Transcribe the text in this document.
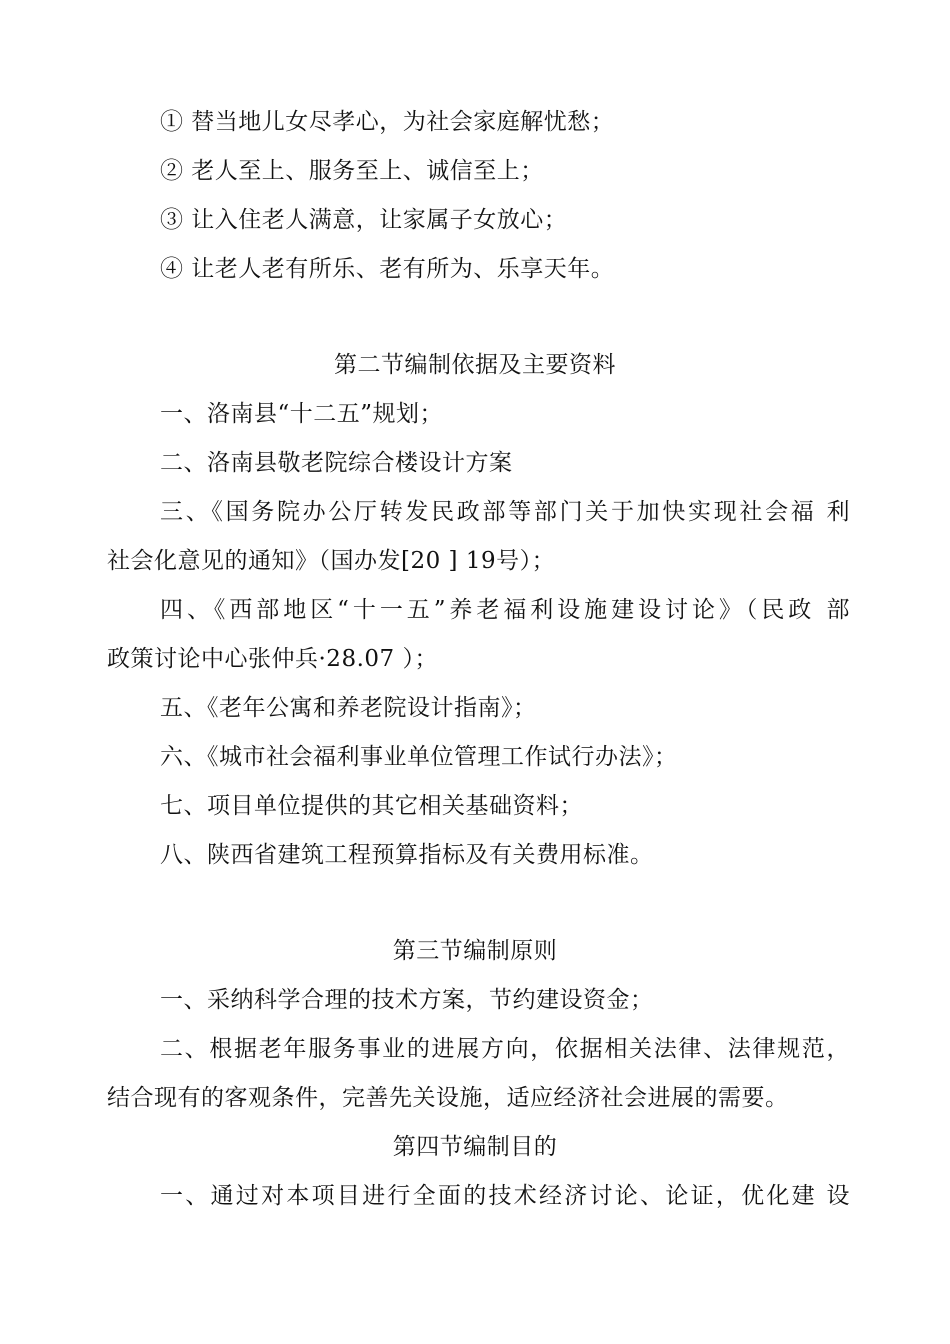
① 替当地儿女尽孝心，为社会家庭解忧愁；
② 老人至上、服务至上、诚信至上；
③ 让入住老人满意，让家属子女放心；
④ 让老人老有所乐、老有所为、乐享天年。
第二节编制依据及主要资料
一、洛南县“十二五”规划；
二、洛南县敬老院综合楼设计方案
三、《国务院办公厅转发民政部等部门关于加快实现社会福 利
社会化意见的通知》（国办发[20 ] 19号）；
四、《西部地区“十一五”养老福利设施建设讨论》（民政 部
政策讨论中心张仲兵·28.07 ）；
五、《老年公寓和养老院设计指南》；
六、《城市社会福利事业单位管理工作试行办法》；
七、项目单位提供的其它相关基础资料；
八、陕西省建筑工程预算指标及有关费用标准。
第三节编制原则
一、采纳科学合理的技术方案，节约建设资金；
二、根据老年服务事业的进展方向，依据相关法律、法律规范，
结合现有的客观条件，完善先关设施，适应经济社会进展的需要。
第四节编制目的
一、通过对本项目进行全面的技术经济讨论、论证，优化建 设
